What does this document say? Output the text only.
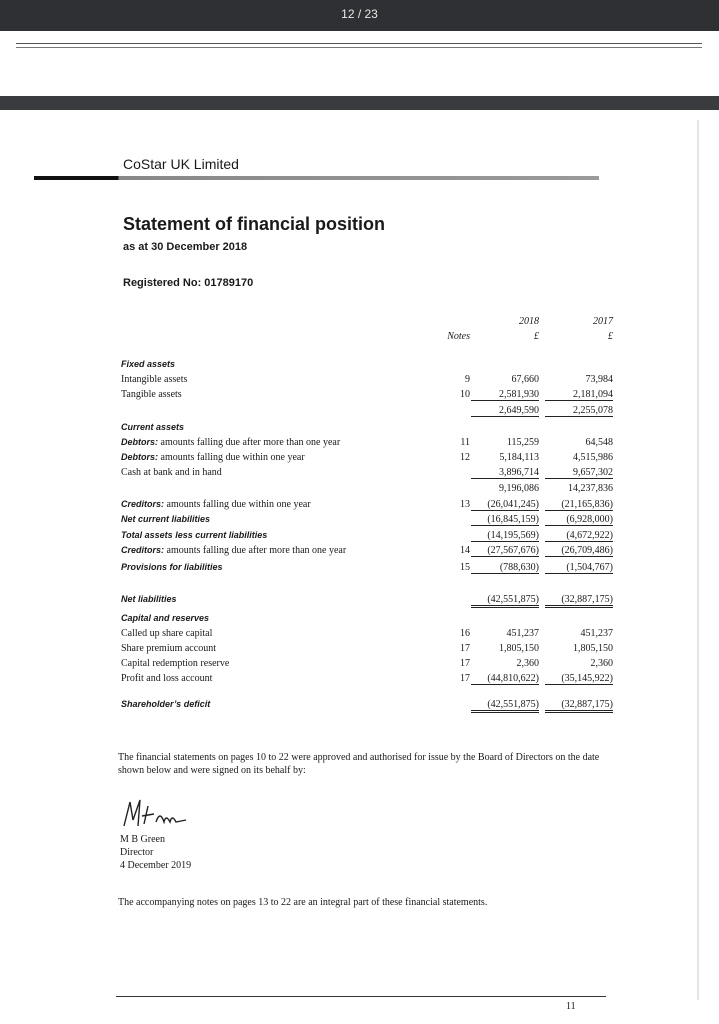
12 / 23
CoStar UK Limited
Statement of financial position
as at 30 December 2018
Registered No: 01789170
2018	2017
Notes	£	£
Fixed assets
Intangible assets	9	67,660	73,984
Tangible assets	10	2,581,930	2,181,094
2,649,590	2,255,078
Current assets
Debtors: amounts falling due after more than one year	11	115,259	64,548
Debtors: amounts falling due within one year	12	5,184,113	4,515,986
Cash at bank and in hand	3,896,714	9,657,302
9,196,086	14,237,836
Creditors: amounts falling due within one year	13	(26,041,245)	(21,165,836)
Net current liabilities	(16,845,159)	(6,928,000)
Total assets less current liabilities	(14,195,569)	(4,672,922)
Creditors: amounts falling due after more than one year	14	(27,567,676)	(26,709,486)
Provisions for liabilities	15	(788,630)	(1,504,767)
Net liabilities	(42,551,875)	(32,887,175)
Capital and reserves
Called up share capital	16	451,237	451,237
Share premium account	17	1,805,150	1,805,150
Capital redemption reserve	17	2,360	2,360
Profit and loss account	17	(44,810,622)	(35,145,922)
Shareholder’s deficit	(42,551,875)	(32,887,175)
The financial statements on pages 10 to 22 were approved and authorised for issue by the Board of Directors on the date shown below and were signed on its behalf by:
M B Green
Director
4 December 2019
The accompanying notes on pages 13 to 22 are an integral part of these financial statements.
11
